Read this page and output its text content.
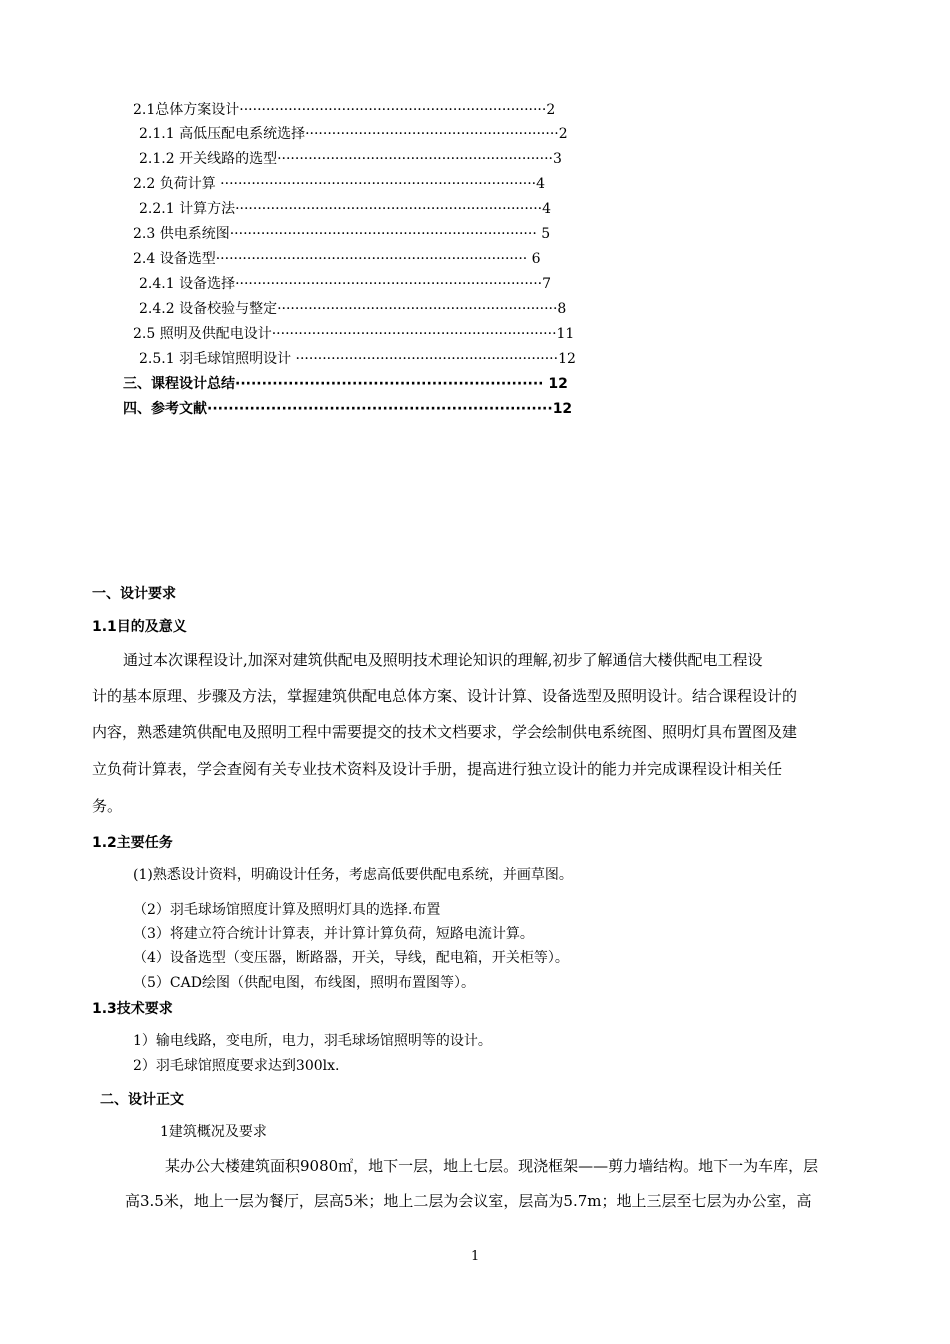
2.1总体方案设计·····································································2
2.1.1 高低压配电系统选择·························································2
2.1.2 开关线路的选型······························································3
2.2 负荷计算 ·······································································4
2.2.1 计算方法·····································································4
2.3 供电系统图····································································· 5
2.4 设备选型······································································ 6
2.4.1 设备选择·····································································7
2.4.2 设备校验与整定·······························································8
2.5 照明及供配电设计································································11
2.5.1 羽毛球馆照明设计 ···························································12
三、课程设计总结·························································· 12
四、参考文献·································································12
一、设计要求
1.1目的及意义
通过本次课程设计,加深对建筑供配电及照明技术理论知识的理解,初步了解通信大楼供配电工程设
计的基本原理、步骤及方法，掌握建筑供配电总体方案、设计计算、设备选型及照明设计。结合课程设计的
内容，熟悉建筑供配电及照明工程中需要提交的技术文档要求，学会绘制供电系统图、照明灯具布置图及建
立负荷计算表，学会查阅有关专业技术资料及设计手册，提高进行独立设计的能力并完成课程设计相关任
务。
1.2主要任务
(1)熟悉设计资料，明确设计任务，考虑高低要供配电系统，并画草图。
（2）羽毛球场馆照度计算及照明灯具的选择.布置
（3）将建立符合统计计算表，并计算计算负荷，短路电流计算。
（4）设备选型（变压器，断路器，开关，导线，配电箱，开关柜等）。
（5）CAD绘图（供配电图，布线图，照明布置图等）。
1.3技术要求
1）输电线路，变电所，电力，羽毛球场馆照明等的设计。
2）羽毛球馆照度要求达到300lx.
二、设计正文
1建筑概况及要求
某办公大楼建筑面积9080㎡，地下一层，地上七层。现浇框架——剪力墙结构。地下一为车库，层
高3.5米，地上一层为餐厅，层高5米；地上二层为会议室，层高为5.7m；地上三层至七层为办公室，高
1
